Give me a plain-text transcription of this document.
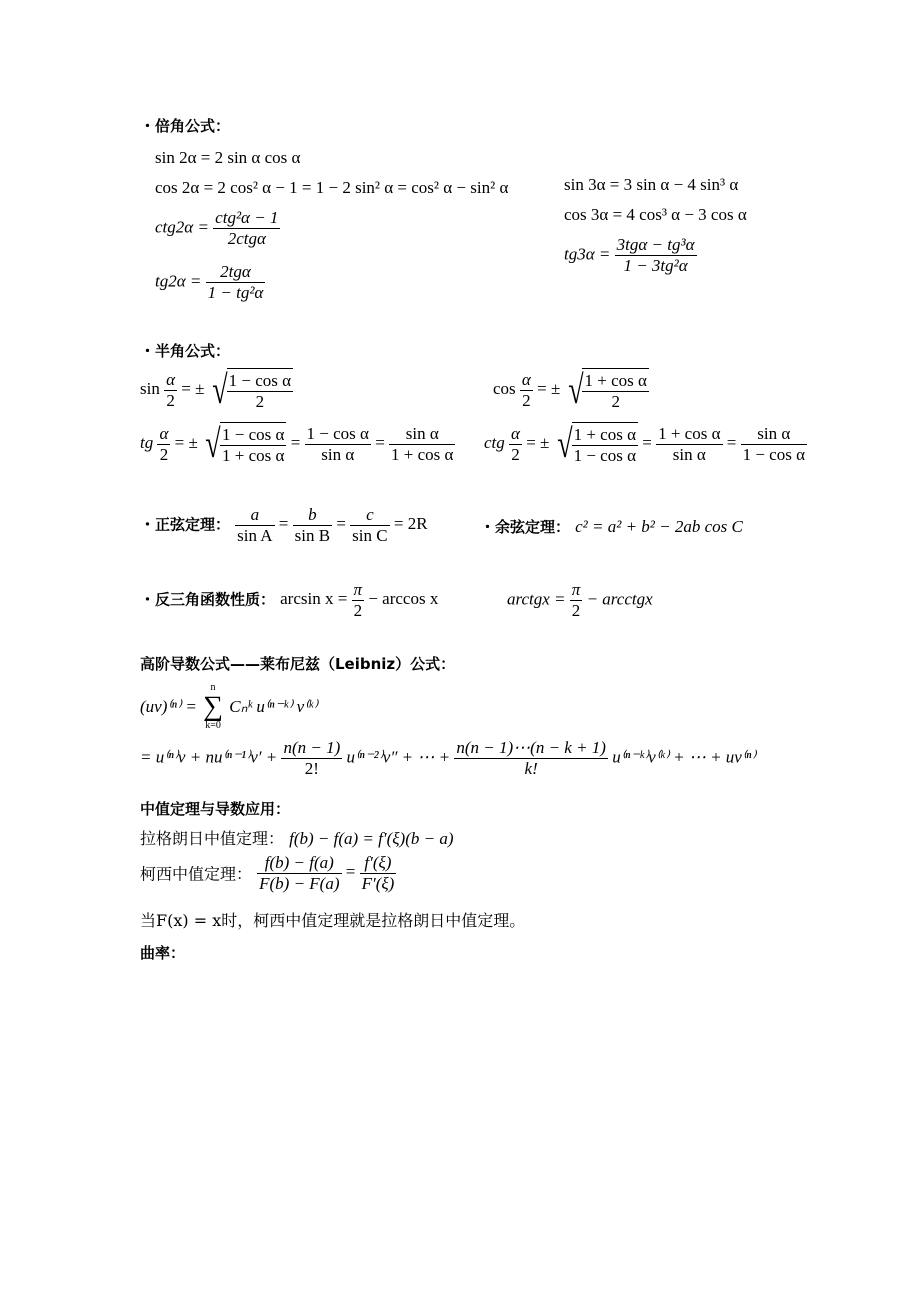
・倍角公式：
sin 2α = 2 sin α cos α
cos 2α = 2 cos² α − 1 = 1 − 2 sin² α = cos² α − sin² α
$ctg2\alpha = \frac{\text{ctg²α − 1}}{\text{2ctgα}}$
$tg2\alpha = \frac{\text{2tgα}}{\text{1 − tg²α}}$
sin 3α = 3 sin α − 4 sin³ α
cos 3α = 4 cos³ α − 3 cos α
$tg3\alpha = \frac{\text{3tgα − tg³α}}{\text{1 − 3tg²α}}$
・半角公式：
$\sin \frac{\alpha}{2}$ = ± √ $\frac{\text{1 − cos α}}{2}$	$\cos \frac{\alpha}{2}$ = ± √ $\frac{\text{1 + cos α}}{2}$
tg $\frac{\alpha}{2}$ = ± √ $\frac{\text{1 − cos α}}{\text{1 + cos α}} = \frac{\text{1 − cos α}}{\text{sin α}} = \frac{\text{sin α}}{\text{1 + cos α}}$ ctg $\frac{\alpha}{2}$ = ± √ $\frac{\text{1 + cos α}}{\text{1 − cos α}} = \frac{\text{1 + cos α}}{\text{sin α}} = \frac{\text{sin α}}{\text{1 − cos α}}$
・正弦定理： $\frac{a}{\text{sin A}} = \frac{b}{\text{sin B}} = \frac{c}{\text{sin C}} = 2R$	・余弦定理： c² = a² + b² − 2ab cos C
・反三角函数性质： $\arcsin x = \frac{\pi}{2} - \arccos x$	arctgx = $\frac{\pi}{2}$ − arcctgx
高阶导数公式——莱布尼兹（Leibniz）公式：
(uv)⁽ⁿ⁾ =
n
∑
k=0
Cₙᵏ u⁽ⁿ⁻ᵏ⁾ v⁽ᵏ⁾
= $u^{(n)}v + nu^{(n-1)}v' + \frac{n(n - 1)}{2!} u^{(n-2)}v''$ + ⋯ + $\frac{n(n - 1)\cdots(n - k + 1)}{k!}$ u⁽ⁿ⁻ᵏ⁾v⁽ᵏ⁾ + ⋯ + uv⁽ⁿ⁾
中值定理与导数应用：
拉格朗日中值定理： f(b) − f(a) = f′(ξ)(b − a)
柯西中值定理： $\frac{f(b) - f(a)}{F(b) - F(a)} = \frac{f'(\xi)}{F'(\xi)}$
当F(x) = x时，柯西中值定理就是拉格朗日中值定理。
曲率：
